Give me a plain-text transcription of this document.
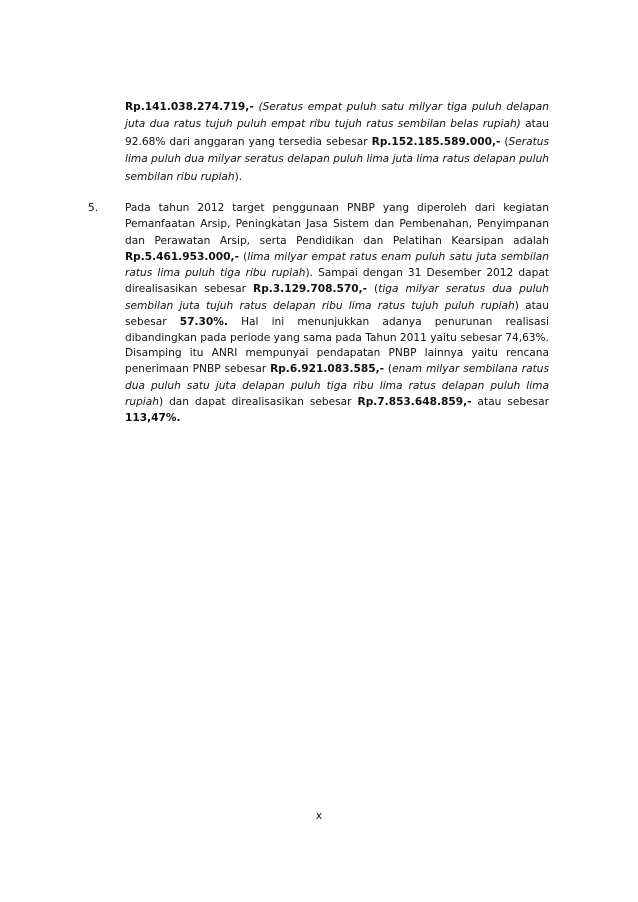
Rp.141.038.274.719,- (Seratus empat puluh satu milyar tiga puluh delapan juta dua ratus tujuh puluh empat ribu tujuh ratus sembilan belas rupiah) atau 92.68% dari anggaran yang tersedia sebesar Rp.152.185.589.000,- (Seratus lima puluh dua milyar seratus delapan puluh lima juta lima ratus delapan puluh sembilan ribu rupiah).
5.	Pada tahun 2012 target penggunaan PNBP yang diperoleh dari kegiatan Pemanfaatan Arsip, Peningkatan Jasa Sistem dan Pembenahan, Penyimpanan dan Perawatan Arsip, serta Pendidikan dan Pelatihan Kearsipan adalah Rp.5.461.953.000,- (lima milyar empat ratus enam puluh satu juta sembilan ratus lima puluh tiga ribu rupiah). Sampai dengan 31 Desember 2012 dapat direalisasikan sebesar Rp.3.129.708.570,- (tiga milyar seratus dua puluh sembilan juta tujuh ratus delapan ribu lima ratus tujuh puluh rupiah) atau sebesar 57.30%. Hal ini menunjukkan adanya penurunan realisasi dibandingkan pada periode yang sama pada Tahun 2011 yaitu sebesar 74,63%.
Disamping itu ANRI mempunyai pendapatan PNBP lainnya yaitu rencana penerimaan PNBP sebesar Rp.6.921.083.585,- (enam milyar sembilana ratus dua puluh satu juta delapan puluh tiga ribu lima ratus delapan puluh lima rupiah) dan dapat direalisasikan sebesar Rp.7.853.648.859,- atau sebesar 113,47%.
x
